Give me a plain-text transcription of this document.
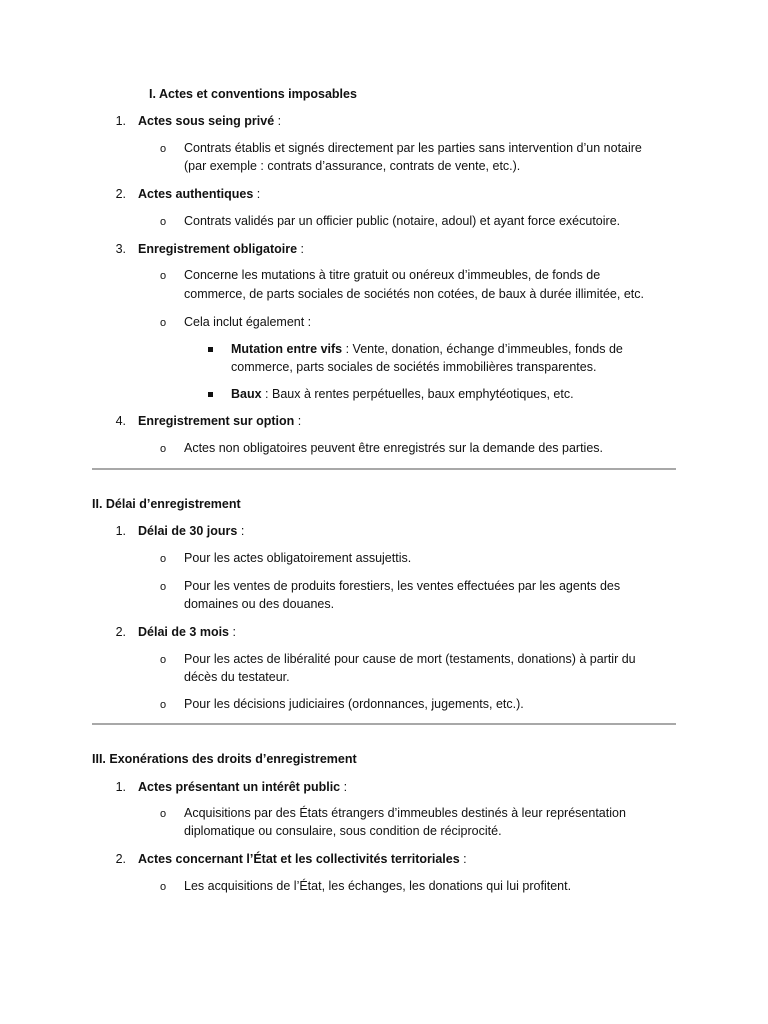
I. Actes et conventions imposables
1. Actes sous seing privé :
o Contrats établis et signés directement par les parties sans intervention d’un notaire
(par exemple : contrats d’assurance, contrats de vente, etc.).
2. Actes authentiques :
o Contrats validés par un officier public (notaire, adoul) et ayant force exécutoire.
3. Enregistrement obligatoire :
o Concerne les mutations à titre gratuit ou onéreux d’immeubles, de fonds de
commerce, de parts sociales de sociétés non cotées, de baux à durée illimitée, etc.
o Cela inclut également :
Mutation entre vifs : Vente, donation, échange d’immeubles, fonds de
commerce, parts sociales de sociétés immobilières transparentes.
Baux : Baux à rentes perpétuelles, baux emphytéotiques, etc.
4. Enregistrement sur option :
o Actes non obligatoires peuvent être enregistrés sur la demande des parties.
II. Délai d’enregistrement
1. Délai de 30 jours :
o Pour les actes obligatoirement assujettis.
o Pour les ventes de produits forestiers, les ventes effectuées par les agents des
domaines ou des douanes.
2. Délai de 3 mois :
o Pour les actes de libéralité pour cause de mort (testaments, donations) à partir du
décès du testateur.
o Pour les décisions judiciaires (ordonnances, jugements, etc.).
III. Exonérations des droits d’enregistrement
1. Actes présentant un intérêt public :
o Acquisitions par des États étrangers d’immeubles destinés à leur représentation
diplomatique ou consulaire, sous condition de réciprocité.
2. Actes concernant l’État et les collectivités territoriales :
o Les acquisitions de l’État, les échanges, les donations qui lui profitent.
